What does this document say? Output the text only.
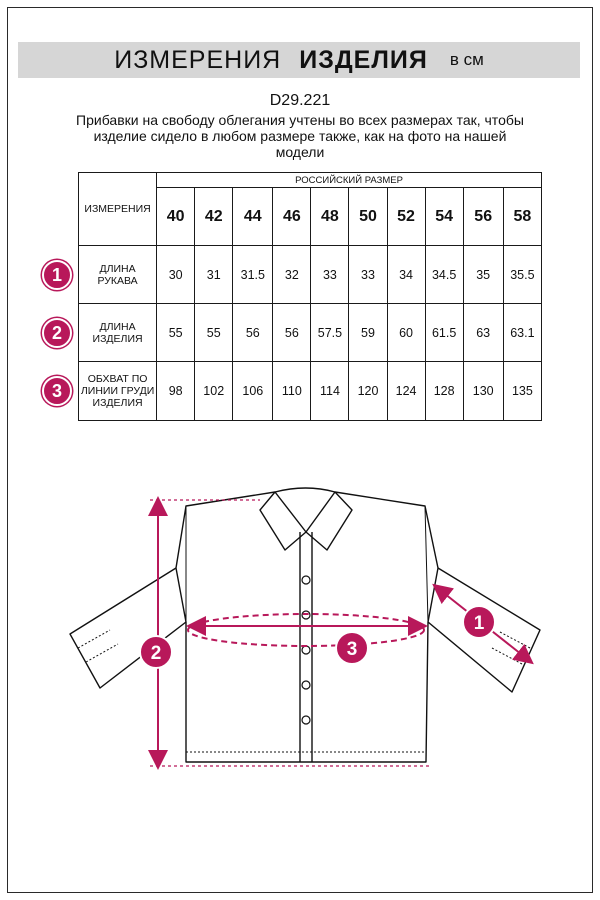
ИЗМЕРЕНИЯ ИЗДЕЛИЯ в см
D29.221
Прибавки на свободу облегания учтены во всех размерах так, чтобы изделие сидело в любом размере также, как на фото на нашей модели
ИЗМЕРЕНИЯ	РОССИЙСКИЙ РАЗМЕР									
	40	42	44	46	48	50	52	54	56	58
ДЛИНА РУКАВА	30	31	31.5	32	33	33	34	34.5	35	35.5
ДЛИНА ИЗДЕЛИЯ	55	55	56	56	57.5	59	60	61.5	63	63.1
ОБХВАТ ПО ЛИНИИ ГРУДИ ИЗДЕЛИЯ	98	102	106	110	114	120	124	128	130	135
1
2
3
2	3
1
